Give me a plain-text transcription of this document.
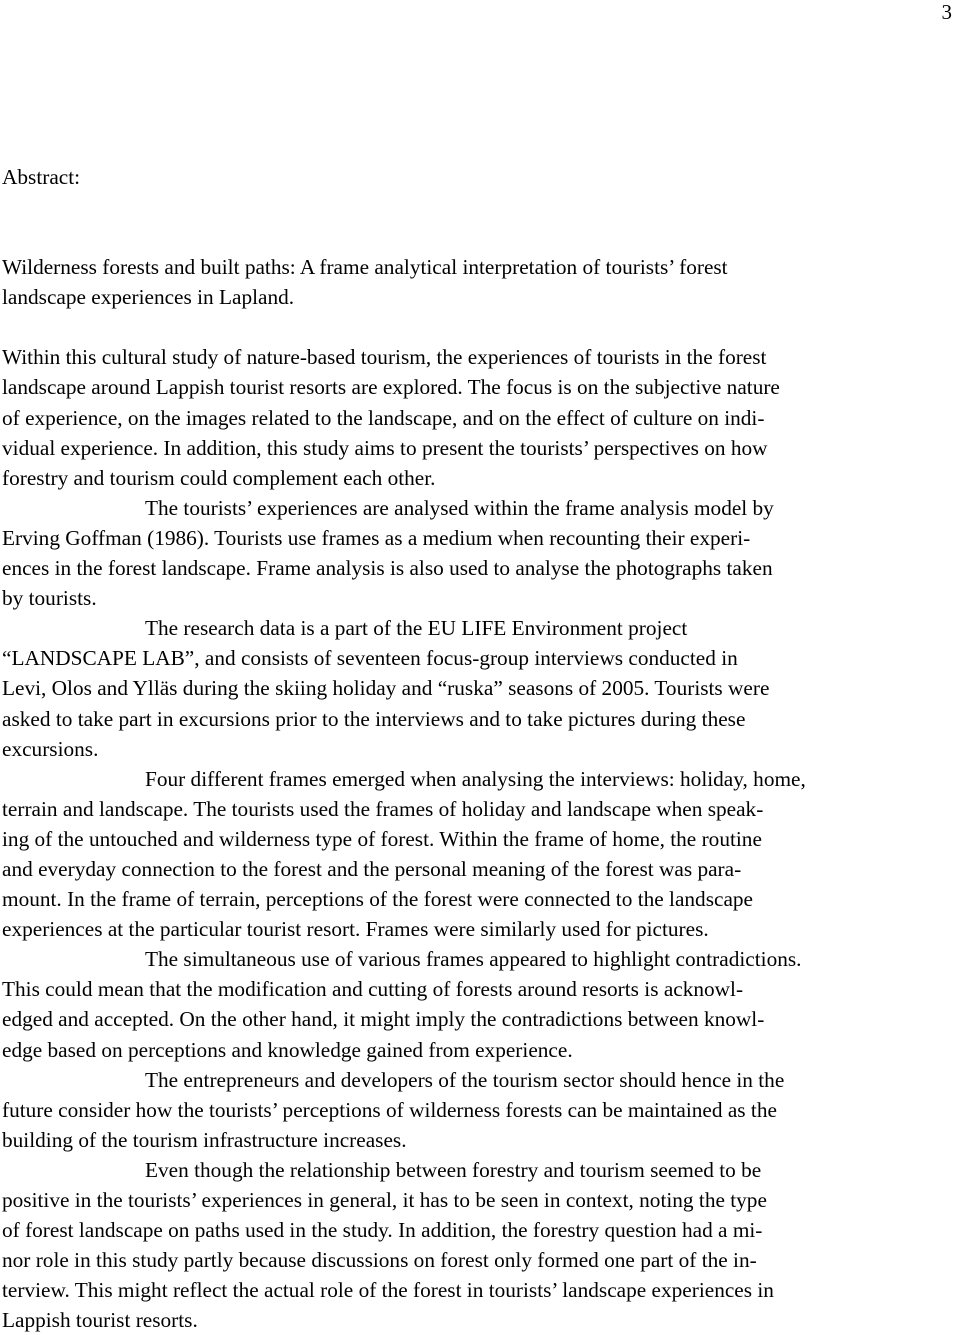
3
Abstract:
Wilderness forests and built paths: A frame analytical interpretation of tourists’ forest
landscape experiences in Lapland.
Within this cultural study of nature-based tourism, the experiences of tourists in the forest
landscape around Lappish tourist resorts are explored. The focus is on the subjective nature
of experience, on the images related to the landscape, and on the effect of culture on indi-
vidual experience. In addition, this study aims to present the tourists’ perspectives on how
forestry and tourism could complement each other.
The tourists’ experiences are analysed within the frame analysis model by
Erving Goffman (1986). Tourists use frames as a medium when recounting their experi-
ences in the forest landscape. Frame analysis is also used to analyse the photographs taken
by tourists.
The research data is a part of the EU LIFE Environment project
“LANDSCAPE LAB”, and consists of seventeen focus-group interviews conducted in
Levi, Olos and Ylläs during the skiing holiday and “ruska” seasons of 2005. Tourists were
asked to take part in excursions prior to the interviews and to take pictures during these
excursions.
Four different frames emerged when analysing the interviews: holiday, home,
terrain and landscape. The tourists used the frames of holiday and landscape when speak-
ing of the untouched and wilderness type of forest. Within the frame of home, the routine
and everyday connection to the forest and the personal meaning of the forest was para-
mount. In the frame of terrain, perceptions of the forest were connected to the landscape
experiences at the particular tourist resort. Frames were similarly used for pictures.
The simultaneous use of various frames appeared to highlight contradictions.
This could mean that the modification and cutting of forests around resorts is acknowl-
edged and accepted. On the other hand, it might imply the contradictions between knowl-
edge based on perceptions and knowledge gained from experience.
The entrepreneurs and developers of the tourism sector should hence in the
future consider how the tourists’ perceptions of wilderness forests can be maintained as the
building of the tourism infrastructure increases.
Even though the relationship between forestry and tourism seemed to be
positive in the tourists’ experiences in general, it has to be seen in context, noting the type
of forest landscape on paths used in the study. In addition, the forestry question had a mi-
nor role in this study partly because discussions on forest only formed one part of the in-
terview. This might reflect the actual role of the forest in tourists’ landscape experiences in
Lappish tourist resorts.
